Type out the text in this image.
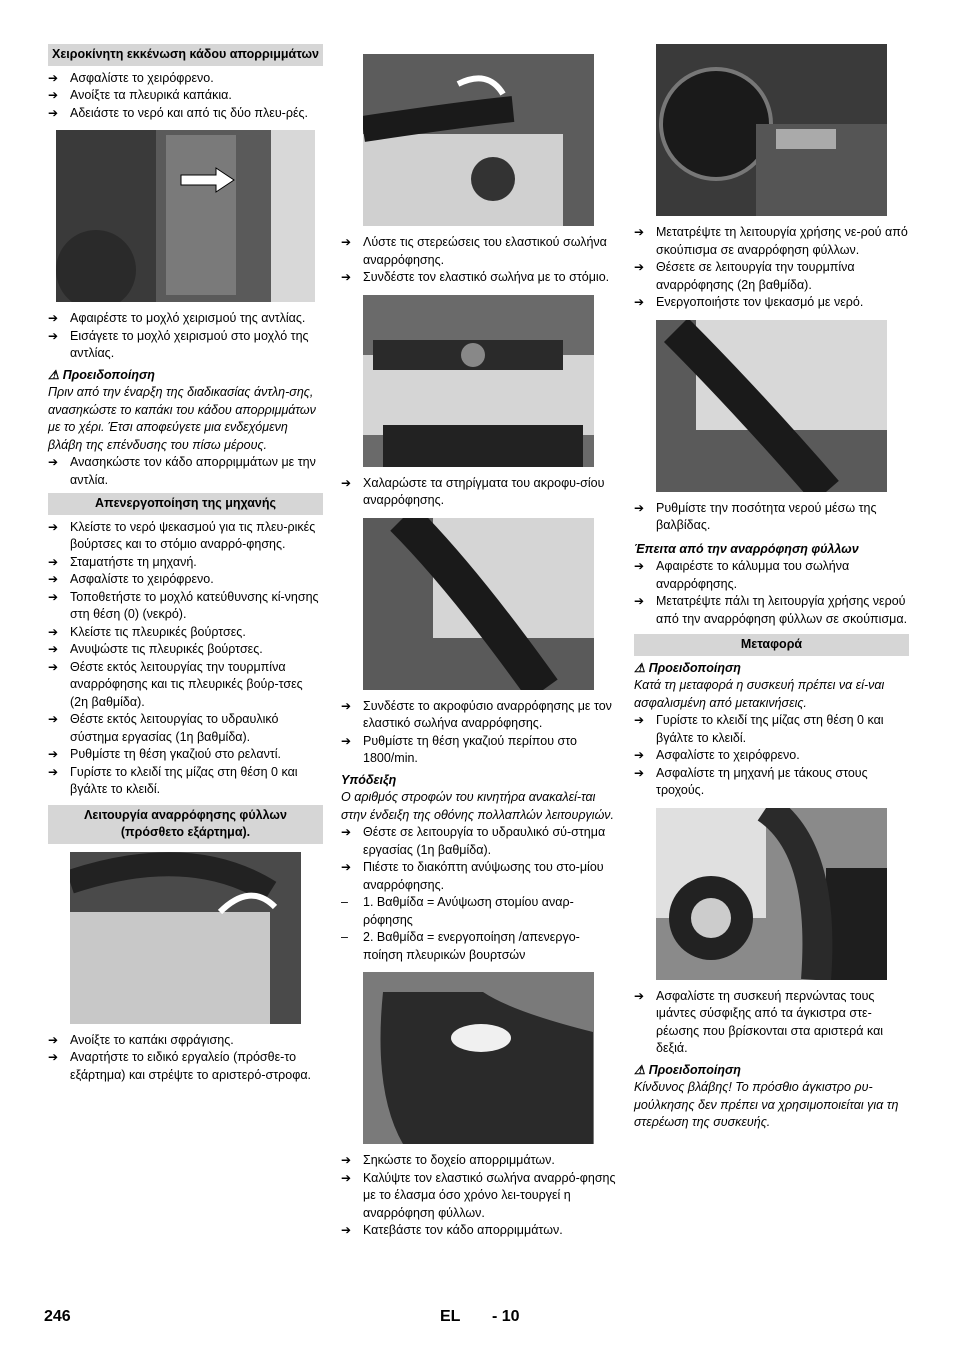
Χειροκίνητη εκκένωση κάδου απορριμμάτων
➔ Ασφαλίστε το χειρόφρενο.
➔ Ανοίξτε τα πλευρικά καπάκια.
➔ Αδειάστε το νερό και από τις δύο πλευ-ρές.
➔ Αφαιρέστε το μοχλό χειρισμού της αντλίας.
➔ Εισάγετε το μοχλό χειρισμού στο μοχλό της αντλίας.
⚠ Προειδοποίηση
Πριν από την έναρξη της διαδικασίας άντλη-σης, ανασηκώστε το καπάκι του κάδου απορριμμάτων με το χέρι. Έτσι αποφεύγετε μια ενδεχόμενη βλάβη της επένδυσης του πίσω μέρους.
➔ Ανασηκώστε τον κάδο απορριμμάτων με την αντλία.
Απενεργοποίηση της μηχανής
➔ Κλείστε το νερό ψεκασμού για τις πλευ-ρικές βούρτσες και το στόμιο αναρρό-φησης.
➔ Σταματήστε τη μηχανή.
➔ Ασφαλίστε το χειρόφρενο.
➔ Τοποθετήστε το μοχλό κατεύθυνσης κί-νησης στη θέση (0) (νεκρό).
➔ Κλείστε τις πλευρικές βούρτσες.
➔ Ανυψώστε τις πλευρικές βούρτσες.
➔ Θέστε εκτός λειτουργίας την τουρμπίνα αναρρόφησης και τις πλευρικές βούρ-τσες (2η βαθμίδα).
➔ Θέστε εκτός λειτουργίας το υδραυλικό σύστημα εργασίας (1η βαθμίδα).
➔ Ρυθμίστε τη θέση γκαζιού στο ρελαντί.
➔ Γυρίστε το κλειδί της μίζας στη θέση 0 και βγάλτε το κλειδί.
Λειτουργία αναρρόφησης φύλλων (πρόσθετο εξάρτημα).
➔ Ανοίξτε το καπάκι σφράγισης.
➔ Αναρτήστε το ειδικό εργαλείο (πρόσθε-το εξάρτημα) και στρέψτε το αριστερό-στροφα.
➔ Λύστε τις στερεώσεις του ελαστικού σωλήνα αναρρόφησης.
➔ Συνδέστε τον ελαστικό σωλήνα με το στόμιο.
➔ Χαλαρώστε τα στηρίγματα του ακροφυ-σίου αναρρόφησης.
➔ Συνδέστε το ακροφύσιο αναρρόφησης με τον ελαστικό σωλήνα αναρρόφησης.
➔ Ρυθμίστε τη θέση γκαζιού περίπου στο 1800/min.
Υπόδειξη
Ο αριθμός στροφών του κινητήρα ανακαλεί-ται στην ένδειξη της οθόνης πολλαπλών λειτουργιών.
➔ Θέστε σε λειτουργία το υδραυλικό σύ-στημα εργασίας (1η βαθμίδα).
➔ Πιέστε το διακόπτη ανύψωσης του στο-μίου αναρρόφησης.
– 1. Βαθμίδα = Ανύψωση στομίου αναρ-ρόφησης
– 2. Βαθμίδα = ενεργοποίηση /απενεργο-ποίηση πλευρικών βουρτσών
➔ Σηκώστε το δοχείο απορριμμάτων.
➔ Καλύψτε τον ελαστικό σωλήνα αναρρό-φησης με το έλασμα όσο χρόνο λει-τουργεί η αναρρόφηση φύλλων.
➔ Κατεβάστε τον κάδο απορριμμάτων.
➔ Μετατρέψτε τη λειτουργία χρήσης νε-ρού από σκούπισμα σε αναρρόφηση φύλλων.
➔ Θέσετε σε λειτουργία την τουρμπίνα αναρρόφησης (2η βαθμίδα).
➔ Ενεργοποιήστε τον ψεκασμό με νερό.
➔ Ρυθμίστε την ποσότητα νερού μέσω της βαλβίδας.
Έπειτα από την αναρρόφηση φύλλων
➔ Αφαιρέστε το κάλυμμα του σωλήνα αναρρόφησης.
➔ Μετατρέψτε πάλι τη λειτουργία χρήσης νερού από την αναρρόφηση φύλλων σε σκούπισμα.
Μεταφορά
⚠ Προειδοποίηση
Κατά τη μεταφορά η συσκευή πρέπει να εί-ναι ασφαλισμένη από μετακινήσεις.
➔ Γυρίστε το κλειδί της μίζας στη θέση 0 και βγάλτε το κλειδί.
➔ Ασφαλίστε το χειρόφρενο.
➔ Ασφαλίστε τη μηχανή με τάκους στους τροχούς.
➔ Ασφαλίστε τη συσκευή περνώντας τους ιμάντες σύσφιξης από τα άγκιστρα στε-ρέωσης που βρίσκονται στα αριστερά και δεξιά.
⚠ Προειδοποίηση
Κίνδυνος βλάβης! Το πρόσθιο άγκιστρο ρυ-μούλκησης δεν πρέπει να χρησιμοποιείται για τη στερέωση της συσκευής.
246	EL - 10
